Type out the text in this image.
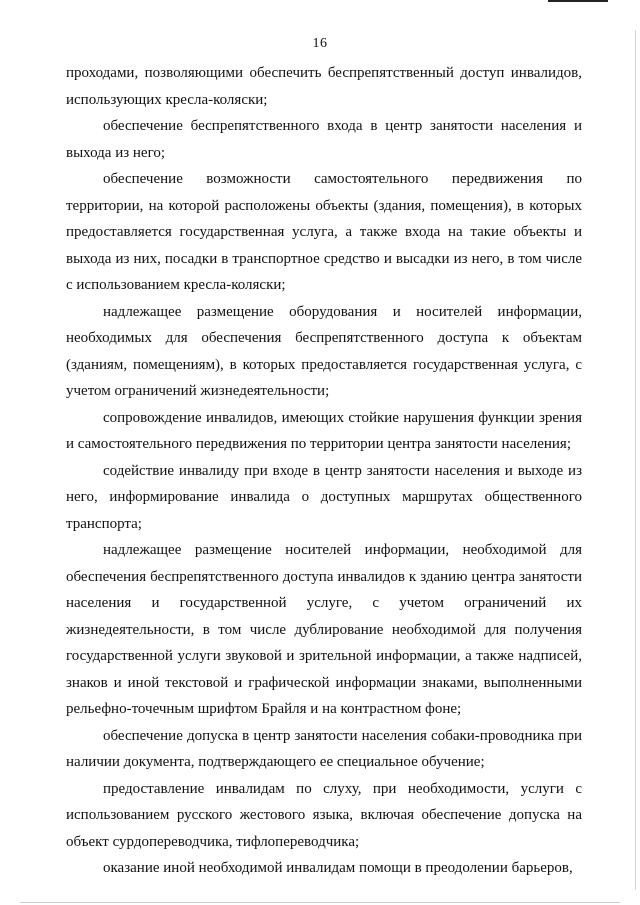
16

проходами, позволяющими обеспечить беспрепятственный доступ инвалидов, использующих кресла-коляски;

обеспечение беспрепятственного входа в центр занятости населения и выхода из него;

обеспечение возможности самостоятельного передвижения по территории, на которой расположены объекты (здания, помещения), в которых предоставляется государственная услуга, а также входа на такие объекты и выхода из них, посадки в транспортное средство и высадки из него, в том числе с использованием кресла-коляски;

надлежащее размещение оборудования и носителей информации, необходимых для обеспечения беспрепятственного доступа к объектам (зданиям, помещениям), в которых предоставляется государственная услуга, с учетом ограничений жизнедеятельности;

сопровождение инвалидов, имеющих стойкие нарушения функции зрения и самостоятельного передвижения по территории центра занятости населения;

содействие инвалиду при входе в центр занятости населения и выходе из него, информирование инвалида о доступных маршрутах общественного транспорта;

надлежащее размещение носителей информации, необходимой для обеспечения беспрепятственного доступа инвалидов к зданию центра занятости населения и государственной услуге, с учетом ограничений их жизнедеятельности, в том числе дублирование необходимой для получения государственной услуги звуковой и зрительной информации, а также надписей, знаков и иной текстовой и графической информации знаками, выполненными рельефно-точечным шрифтом Брайля и на контрастном фоне;

обеспечение допуска в центр занятости населения собаки-проводника при наличии документа, подтверждающего ее специальное обучение;

предоставление инвалидам по слуху, при необходимости, услуги с использованием русского жестового языка, включая обеспечение допуска на объект сурдопереводчика, тифлопереводчика;

оказание иной необходимой инвалидам помощи в преодолении барьеров,
